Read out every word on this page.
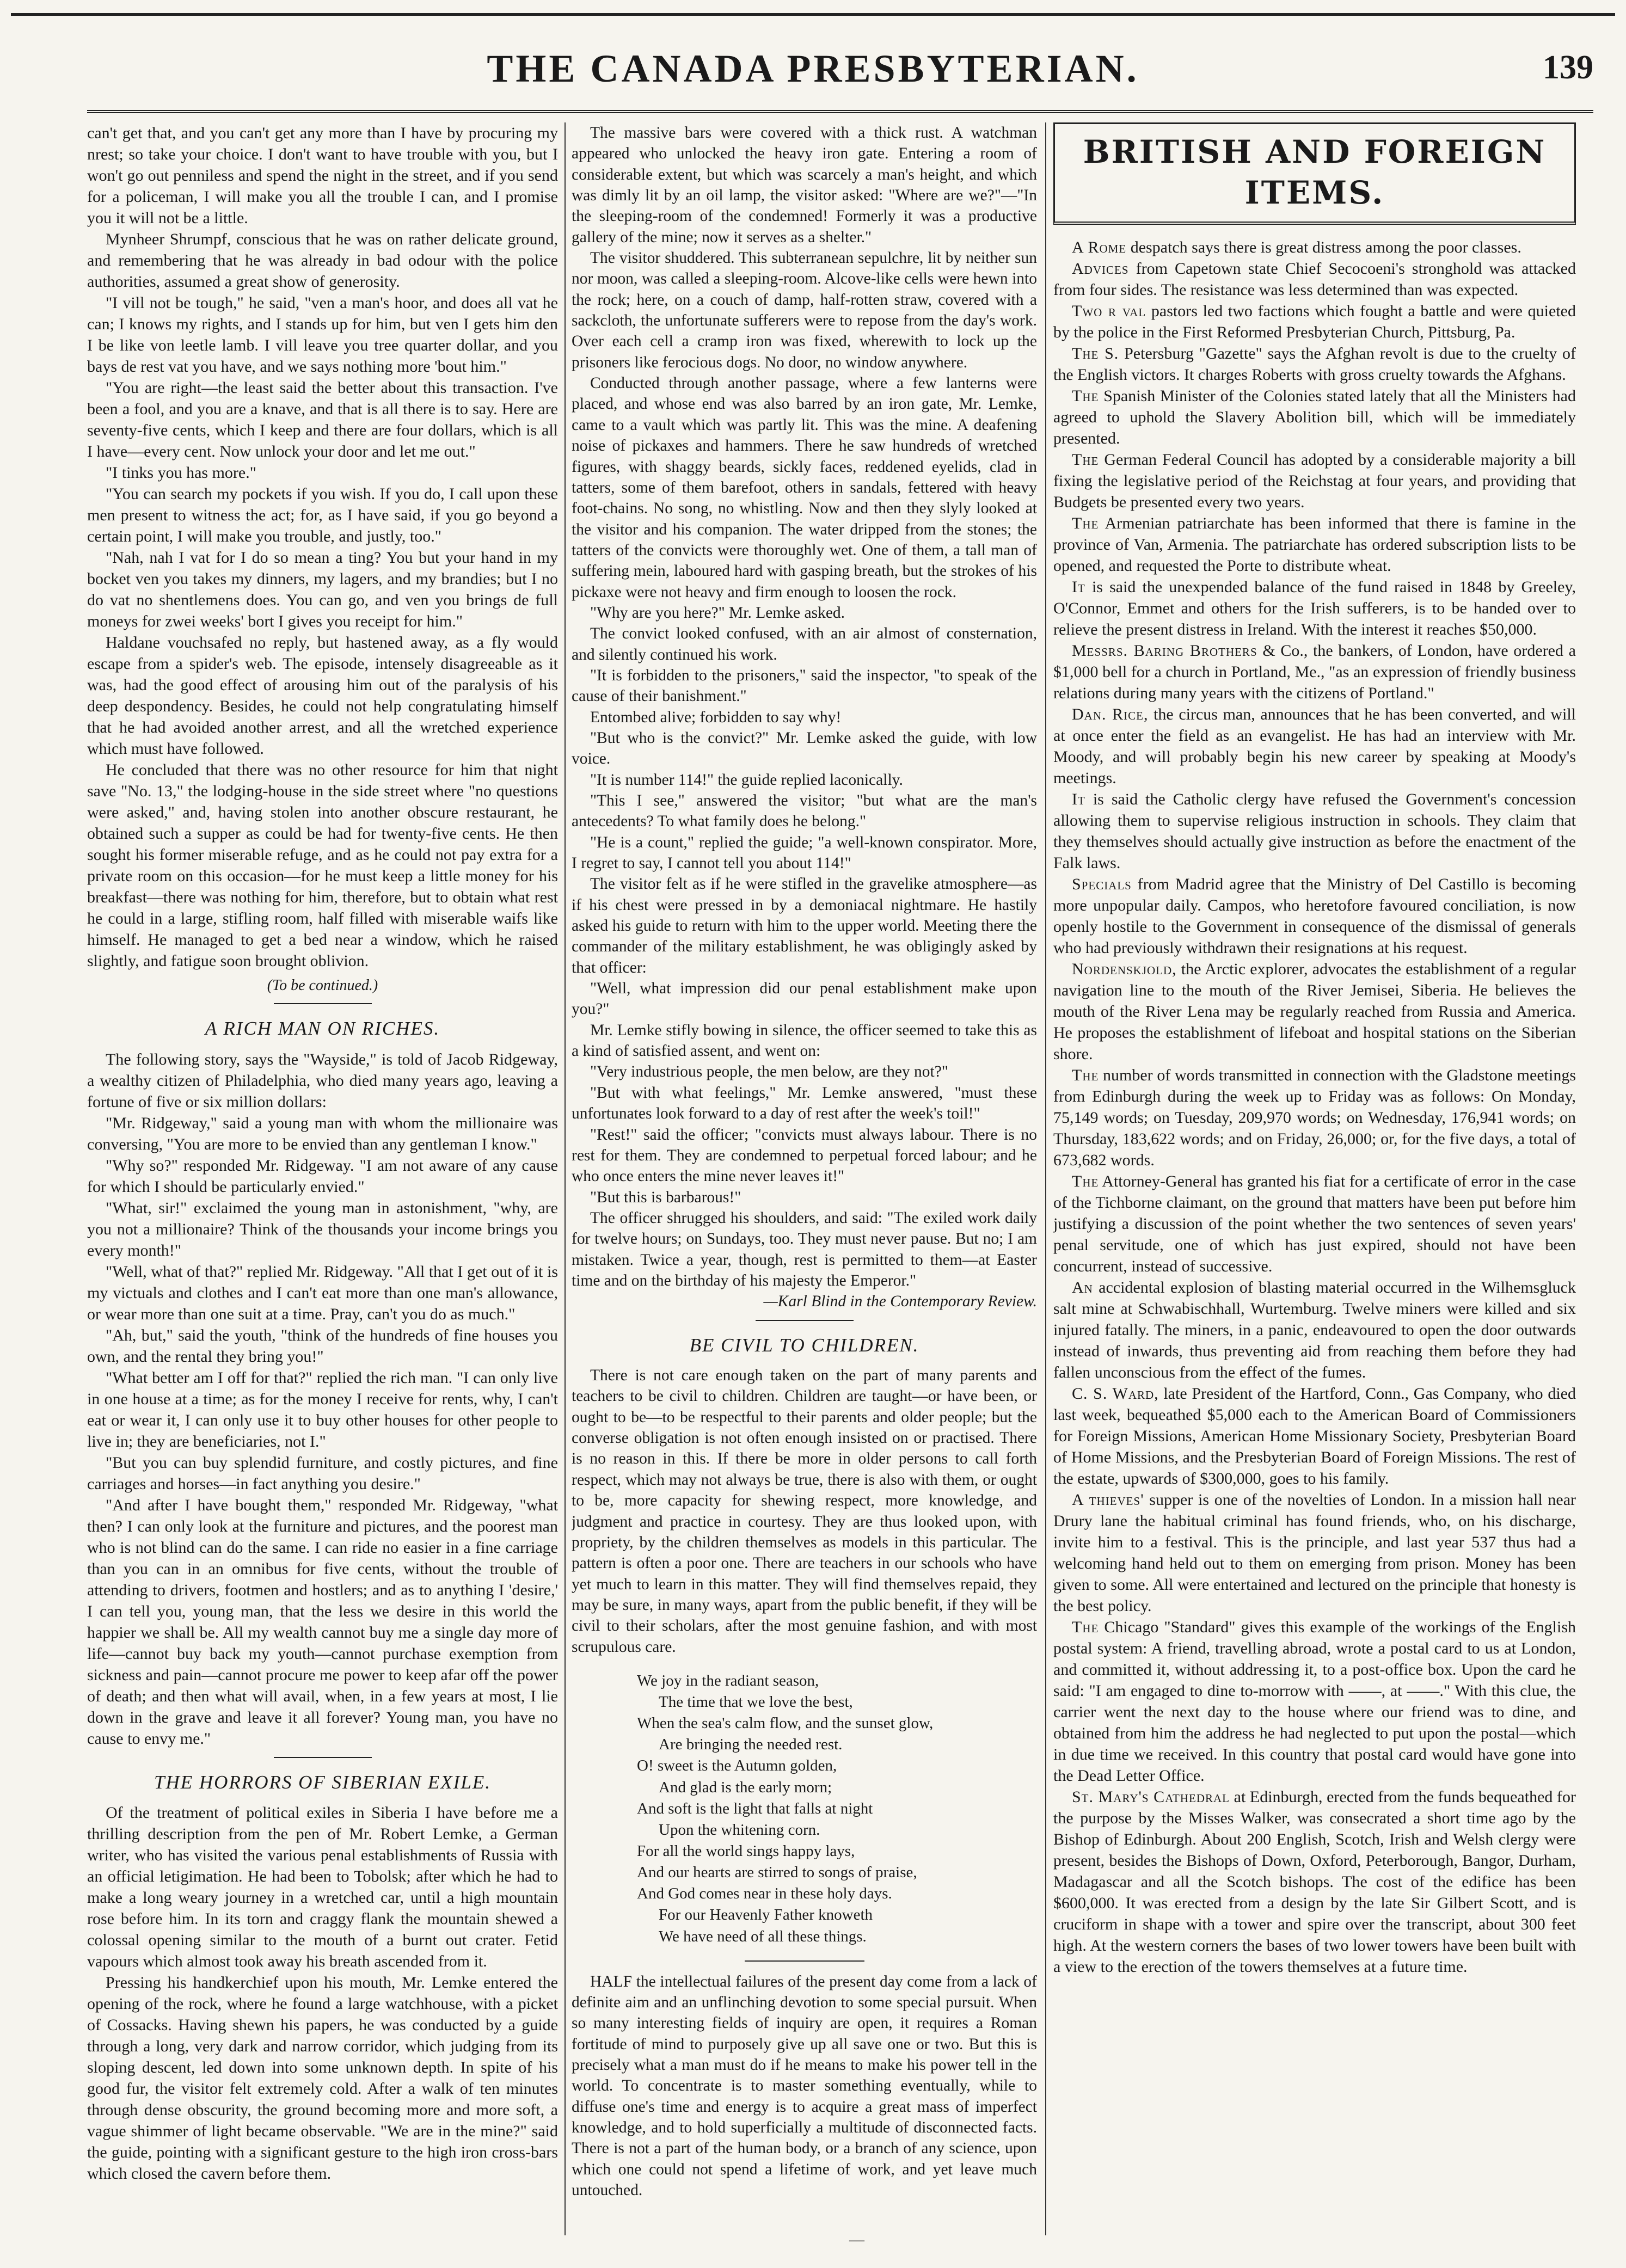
THE CANADA PRESBYTERIAN.	139

can't get that, and you can't get any more than I have by procuring my nrest; so take your choice. I don't want to have trouble with you, but I won't go out penniless and spend the night in the street, and if you send for a policeman, I will make you all the trouble I can, and I promise you it will not be a little.

Mynheer Shrumpf, conscious that he was on rather delicate ground, and remembering that he was already in bad odour with the police authorities, assumed a great show of generosity.

"I vill not be tough," he said, "ven a man's hoor, and does all vat he can; I knows my rights, and I stands up for him, but ven I gets him den I be like von leetle lamb. I vill leave you tree quarter dollar, and you bays de rest vat you have, and we says nothing more 'bout him."

"You are right—the least said the better about this transaction. I've been a fool, and you are a knave, and that is all there is to say. Here are seventy-five cents, which I keep and there are four dollars, which is all I have—every cent. Now unlock your door and let me out."

"I tinks you has more."

"You can search my pockets if you wish. If you do, I call upon these men present to witness the act; for, as I have said, if you go beyond a certain point, I will make you trouble, and justly, too."

"Nah, nah I vat for I do so mean a ting? You but your hand in my bocket ven you takes my dinners, my lagers, and my brandies; but I no do vat no shentlemens does. You can go, and ven you brings de full moneys for zwei weeks' bort I gives you receipt for him."

Haldane vouchsafed no reply, but hastened away, as a fly would escape from a spider's web. The episode, intensely disagreeable as it was, had the good effect of arousing him out of the paralysis of his deep despondency. Besides, he could not help congratulating himself that he had avoided another arrest, and all the wretched experience which must have followed.

He concluded that there was no other resource for him that night save "No. 13," the lodging-house in the side street where "no questions were asked," and, having stolen into another obscure restaurant, he obtained such a supper as could be had for twenty-five cents. He then sought his former miserable refuge, and as he could not pay extra for a private room on this occasion—for he must keep a little money for his breakfast—there was nothing for him, therefore, but to obtain what rest he could in a large, stifling room, half filled with miserable waifs like himself. He managed to get a bed near a window, which he raised slightly, and fatigue soon brought oblivion.

(To be continued.)
A RICH MAN ON RICHES.

The following story, says the "Wayside," is told of Jacob Ridgeway, a wealthy citizen of Philadelphia, who died many years ago, leaving a fortune of five or six million dollars:

"Mr. Ridgeway," said a young man with whom the millionaire was conversing, "You are more to be envied than any gentleman I know."

"Why so?" responded Mr. Ridgeway. "I am not aware of any cause for which I should be particularly envied."

"What, sir!" exclaimed the young man in astonishment, "why, are you not a millionaire? Think of the thousands your income brings you every month!"

"Well, what of that?" replied Mr. Ridgeway. "All that I get out of it is my victuals and clothes and I can't eat more than one man's allowance, or wear more than one suit at a time. Pray, can't you do as much."

"Ah, but," said the youth, "think of the hundreds of fine houses you own, and the rental they bring you!"

"What better am I off for that?" replied the rich man. "I can only live in one house at a time; as for the money I receive for rents, why, I can't eat or wear it, I can only use it to buy other houses for other people to live in; they are beneficiaries, not I."

"But you can buy splendid furniture, and costly pictures, and fine carriages and horses—in fact anything you desire."

"And after I have bought them," responded Mr. Ridgeway, "what then? I can only look at the furniture and pictures, and the poorest man who is not blind can do the same. I can ride no easier in a fine carriage than you can in an omnibus for five cents, without the trouble of attending to drivers, footmen and hostlers; and as to anything I 'desire,' I can tell you, young man, that the less we desire in this world the happier we shall be. All my wealth cannot buy me a single day more of life—cannot buy back my youth—cannot purchase exemption from sickness and pain—cannot procure me power to keep afar off the power of death; and then what will avail, when, in a few years at most, I lie down in the grave and leave it all forever? Young man, you have no cause to envy me."

THE HORRORS OF SIBERIAN EXILE.

Of the treatment of political exiles in Siberia I have before me a thrilling description from the pen of Mr. Robert Lemke, a German writer, who has visited the various penal establishments of Russia with an official letigimation. He had been to Tobolsk; after which he had to make a long weary journey in a wretched car, until a high mountain rose before him. In its torn and craggy flank the mountain shewed a colossal opening similar to the mouth of a burnt out crater. Fetid vapours which almost took away his breath ascended from it.

Pressing his handkerchief upon his mouth, Mr. Lemke entered the opening of the rock, where he found a large watchhouse, with a picket of Cossacks. Having shewn his papers, he was conducted by a guide through a long, very dark and narrow corridor, which judging from its sloping descent, led down into some unknown depth. In spite of his good fur, the visitor felt extremely cold. After a walk of ten minutes through dense obscurity, the ground becoming more and more soft, a vague shimmer of light became observable. "We are in the mine?" said the guide, pointing with a significant gesture to the high iron cross-bars which closed the cavern before them.

The massive bars were covered with a thick rust. A watchman appeared who unlocked the heavy iron gate. Entering a room of considerable extent, but which was scarcely a man's height, and which was dimly lit by an oil lamp, the visitor asked: "Where are we?"—"In the sleeping-room of the condemned! Formerly it was a productive gallery of the mine; now it serves as a shelter."

The visitor shuddered. This subterranean sepulchre, lit by neither sun nor moon, was called a sleeping-room. Alcove-like cells were hewn into the rock; here, on a couch of damp, half-rotten straw, covered with a sackcloth, the unfortunate sufferers were to repose from the day's work. Over each cell a cramp iron was fixed, wherewith to lock up the prisoners like ferocious dogs. No door, no window anywhere.

Conducted through another passage, where a few lanterns were placed, and whose end was also barred by an iron gate, Mr. Lemke, came to a vault which was partly lit. This was the mine. A deafening noise of pickaxes and hammers. There he saw hundreds of wretched figures, with shaggy beards, sickly faces, reddened eyelids, clad in tatters, some of them barefoot, others in sandals, fettered with heavy foot-chains. No song, no whistling. Now and then they slyly looked at the visitor and his companion. The water dripped from the stones; the tatters of the convicts were thoroughly wet. One of them, a tall man of suffering mein, laboured hard with gasping breath, but the strokes of his pickaxe were not heavy and firm enough to loosen the rock.

"Why are you here?" Mr. Lemke asked.

The convict looked confused, with an air almost of consternation, and silently continued his work.

"It is forbidden to the prisoners," said the inspector, "to speak of the cause of their banishment."

Entombed alive; forbidden to say why!

"But who is the convict?" Mr. Lemke asked the guide, with low voice.

"It is number 114!" the guide replied laconically.

"This I see," answered the visitor; "but what are the man's antecedents? To what family does he belong."

"He is a count," replied the guide; "a well-known conspirator. More, I regret to say, I cannot tell you about 114!"

The visitor felt as if he were stifled in the gravelike atmosphere—as if his chest were pressed in by a demoniacal nightmare. He hastily asked his guide to return with him to the upper world. Meeting there the commander of the military establishment, he was obligingly asked by that officer:

"Well, what impression did our penal establishment make upon you?"

Mr. Lemke stifly bowing in silence, the officer seemed to take this as a kind of satisfied assent, and went on:

"Very industrious people, the men below, are they not?"

"But with what feelings," Mr. Lemke answered, "must these unfortunates look forward to a day of rest after the week's toil!"

"Rest!" said the officer; "convicts must always labour. There is no rest for them. They are condemned to perpetual forced labour; and he who once enters the mine never leaves it!"

"But this is barbarous!"

The officer shrugged his shoulders, and said: "The exiled work daily for twelve hours; on Sundays, too. They must never pause. But no; I am mistaken. Twice a year, though, rest is permitted to them—at Easter time and on the birthday of his majesty the Emperor."

—Karl Blind in the Contemporary Review.

BE CIVIL TO CHILDREN.

There is not care enough taken on the part of many parents and teachers to be civil to children. Children are taught—or have been, or ought to be—to be respectful to their parents and older people; but the converse obligation is not often enough insisted on or practised. There is no reason in this. If there be more in older persons to call forth respect, which may not always be true, there is also with them, or ought to be, more capacity for shewing respect, more knowledge, and judgment and practice in courtesy. They are thus looked upon, with propriety, by the children themselves as models in this particular. The pattern is often a poor one. There are teachers in our schools who have yet much to learn in this matter. They will find themselves repaid, they may be sure, in many ways, apart from the public benefit, if they will be civil to their scholars, after the most genuine fashion, and with most scrupulous care.

We joy in the radiant season,
The time that we love the best,
When the sea's calm flow, and the sunset glow,
Are bringing the needed rest.
O! sweet is the Autumn golden,
And glad is the early morn;
And soft is the light that falls at night
Upon the whitening corn.
For all the world sings happy lays,
And our hearts are stirred to songs of praise,
And God comes near in these holy days.
For our Heavenly Father knoweth
We have need of all these things.

HALF the intellectual failures of the present day come from a lack of definite aim and an unflinching devotion to some special pursuit. When so many interesting fields of inquiry are open, it requires a Roman fortitude of mind to purposely give up all save one or two. But this is precisely what a man must do if he means to make his power tell in the world. To concentrate is to master something eventually, while to diffuse one's time and energy is to acquire a great mass of imperfect knowledge, and to hold superficially a multitude of disconnected facts. There is not a part of the human body, or a branch of any science, upon which one could not spend a lifetime of work, and yet leave much untouched.

BRITISH AND FOREIGN ITEMS.

A Rome despatch says there is great distress among the poor classes.

Advices from Capetown state Chief Secocoeni's stronghold was attacked from four sides. The resistance was less determined than was expected.

Two r val pastors led two factions which fought a battle and were quieted by the police in the First Reformed Presbyterian Church, Pittsburg, Pa.

The S. Petersburg "Gazette" says the Afghan revolt is due to the cruelty of the English victors. It charges Roberts with gross cruelty towards the Afghans.

The Spanish Minister of the Colonies stated lately that all the Ministers had agreed to uphold the Slavery Abolition bill, which will be immediately presented.

The German Federal Council has adopted by a considerable majority a bill fixing the legislative period of the Reichstag at four years, and providing that Budgets be presented every two years.

The Armenian patriarchate has been informed that there is famine in the province of Van, Armenia. The patriarchate has ordered subscription lists to be opened, and requested the Porte to distribute wheat.

It is said the unexpended balance of the fund raised in 1848 by Greeley, O'Connor, Emmet and others for the Irish sufferers, is to be handed over to relieve the present distress in Ireland. With the interest it reaches $50,000.

Messrs. Baring Brothers & Co., the bankers, of London, have ordered a $1,000 bell for a church in Portland, Me., "as an expression of friendly business relations during many years with the citizens of Portland."

Dan. Rice, the circus man, announces that he has been converted, and will at once enter the field as an evangelist. He has had an interview with Mr. Moody, and will probably begin his new career by speaking at Moody's meetings.

It is said the Catholic clergy have refused the Government's concession allowing them to supervise religious instruction in schools. They claim that they themselves should actually give instruction as before the enactment of the Falk laws.

Specials from Madrid agree that the Ministry of Del Castillo is becoming more unpopular daily. Campos, who heretofore favoured conciliation, is now openly hostile to the Government in consequence of the dismissal of generals who had previously withdrawn their resignations at his request.

Nordenskjold, the Arctic explorer, advocates the establishment of a regular navigation line to the mouth of the River Jemisei, Siberia. He believes the mouth of the River Lena may be regularly reached from Russia and America. He proposes the establishment of lifeboat and hospital stations on the Siberian shore.

The number of words transmitted in connection with the Gladstone meetings from Edinburgh during the week up to Friday was as follows: On Monday, 75,149 words; on Tuesday, 209,970 words; on Wednesday, 176,941 words; on Thursday, 183,622 words; and on Friday, 26,000; or, for the five days, a total of 673,682 words.

The Attorney-General has granted his fiat for a certificate of error in the case of the Tichborne claimant, on the ground that matters have been put before him justifying a discussion of the point whether the two sentences of seven years' penal servitude, one of which has just expired, should not have been concurrent, instead of successive.

An accidental explosion of blasting material occurred in the Wilhemsgluck salt mine at Schwabischhall, Wurtemburg. Twelve miners were killed and six injured fatally. The miners, in a panic, endeavoured to open the door outwards instead of inwards, thus preventing aid from reaching them before they had fallen unconscious from the effect of the fumes.

C. S. Ward, late President of the Hartford, Conn., Gas Company, who died last week, bequeathed $5,000 each to the American Board of Commissioners for Foreign Missions, American Home Missionary Society, Presbyterian Board of Home Missions, and the Presbyterian Board of Foreign Missions. The rest of the estate, upwards of $300,000, goes to his family.

A thieves' supper is one of the novelties of London. In a mission hall near Drury lane the habitual criminal has found friends, who, on his discharge, invite him to a festival. This is the principle, and last year 537 thus had a welcoming hand held out to them on emerging from prison. Money has been given to some. All were entertained and lectured on the principle that honesty is the best policy.

The Chicago "Standard" gives this example of the workings of the English postal system: A friend, travelling abroad, wrote a postal card to us at London, and committed it, without addressing it, to a post-office box. Upon the card he said: "I am engaged to dine to-morrow with ——, at ——." With this clue, the carrier went the next day to the house where our friend was to dine, and obtained from him the address he had neglected to put upon the postal—which in due time we received. In this country that postal card would have gone into the Dead Letter Office.

St. Mary's Cathedral at Edinburgh, erected from the funds bequeathed for the purpose by the Misses Walker, was consecrated a short time ago by the Bishop of Edinburgh. About 200 English, Scotch, Irish and Welsh clergy were present, besides the Bishops of Down, Oxford, Peterborough, Bangor, Durham, Madagascar and all the Scotch bishops. The cost of the edifice has been $600,000. It was erected from a design by the late Sir Gilbert Scott, and is cruciform in shape with a tower and spire over the transcript, about 300 feet high. At the western corners the bases of two lower towers have been built with a view to the erection of the towers themselves at a future time.

—
